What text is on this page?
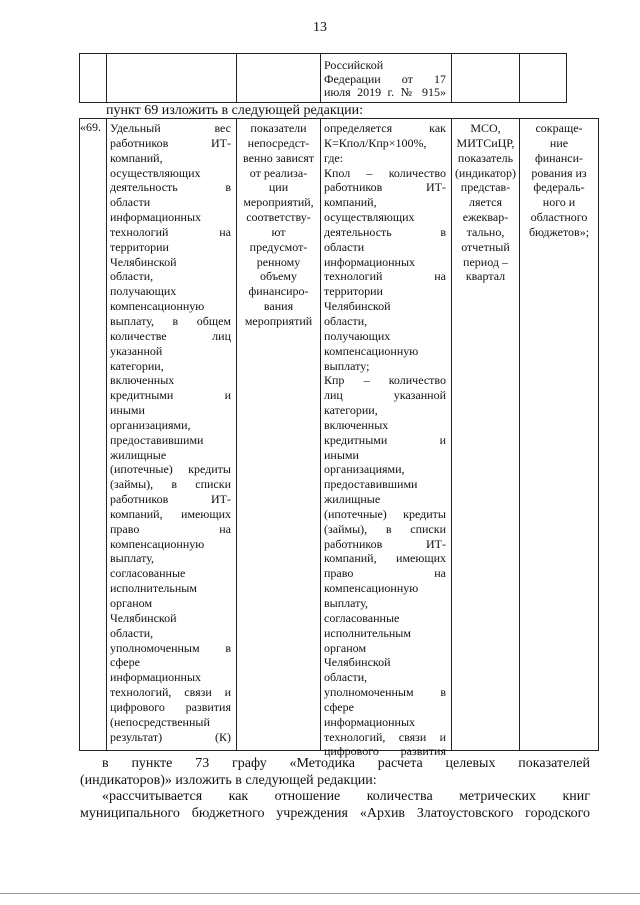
13
Российской
Федерации от 17
июля 2019 г. № 915»
пункт 69 изложить в следующей редакции:
«69. Удельный вес
работников ИТ-
компаний,
осуществляющих
деятельность в
области
информационных
технологий на
территории
Челябинской
области,
получающих
компенсационную
выплату, в общем
количестве лиц
указанной
категории,
включенных
кредитными и
иными
организациями,
предоставившими
жилищные
(ипотечные) кредиты
(займы), в списки
работников ИТ-
компаний, имеющих
право на
компенсационную
выплату,
согласованные
исполнительным
органом
Челябинской
области,
уполномоченным в
сфере
информационных
технологий, связи и
цифрового развития
(непосредственный
результат) (К)
показатели
непосредст-
венно зависят
от реализа-
ции
мероприятий,
соответству-
ют
предусмот-
ренному
объему
финансиро-
вания
мероприятий
определяется как
К=Кпол/Кпр×100%,
где:
Кпол – количество
работников ИТ-
компаний,
осуществляющих
деятельность в
области
информационных
технологий на
территории
Челябинской
области,
получающих
компенсационную
выплату;
Кпр – количество
лиц указанной
категории,
включенных
кредитными и
иными
организациями,
предоставившими
жилищные
(ипотечные) кредиты
(займы), в списки
работников ИТ-
компаний, имеющих
право на
компенсационную
выплату,
согласованные
исполнительным
органом
Челябинской
области,
уполномоченным в
сфере
информационных
технологий, связи и
цифрового развития
МСО,
МИТСиЦР,
показатель
(индикатор)
представ-
ляется
ежеквар-
тально,
отчетный
период –
квартал
сокраще-
ние
финанси-
рования из
федераль-
ного и
областного
бюджетов»;
в пункте 73 графу «Методика расчета целевых показателей
(индикаторов)» изложить в следующей редакции:
«рассчитывается как отношение количества метрических книг
муниципального бюджетного учреждения «Архив Златоустовского городского
